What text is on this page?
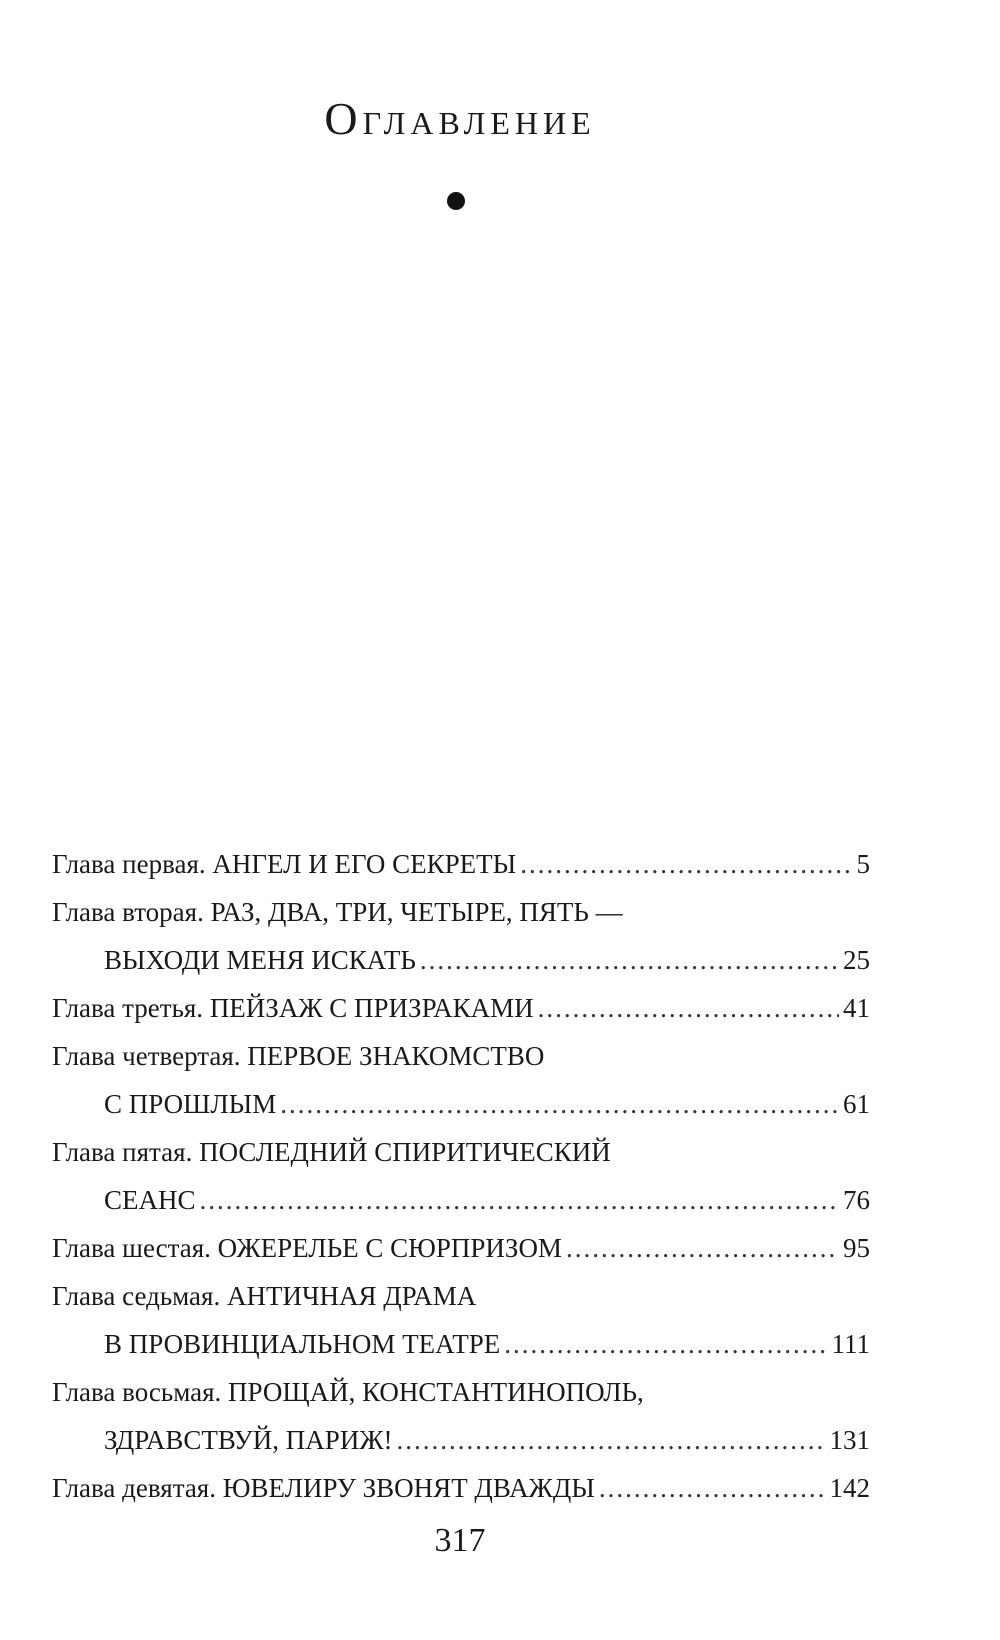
Оглавление
Глава первая. АНГЕЛ И ЕГО СЕКРЕТЫ .....	5
Глава вторая. РАЗ, ДВА, ТРИ, ЧЕТЫРЕ, ПЯТЬ —
ВЫХОДИ МЕНЯ ИСКАТЬ .....	25
Глава третья. ПЕЙЗАЖ С ПРИЗРАКАМИ .....	41
Глава четвертая. ПЕРВОЕ ЗНАКОМСТВО
С ПРОШЛЫМ .....	61
Глава пятая. ПОСЛЕДНИЙ СПИРИТИЧЕСКИЙ
СЕАНС .....	76
Глава шестая. ОЖЕРЕЛЬЕ С СЮРПРИЗОМ .....	95
Глава седьмая. АНТИЧНАЯ ДРАМА
В ПРОВИНЦИАЛЬНОМ ТЕАТРЕ .....	111
Глава восьмая. ПРОЩАЙ, КОНСТАНТИНОПОЛЬ,
ЗДРАВСТВУЙ, ПАРИЖ! .....	131
Глава девятая. ЮВЕЛИРУ ЗВОНЯТ ДВАЖДЫ .....	142
317
